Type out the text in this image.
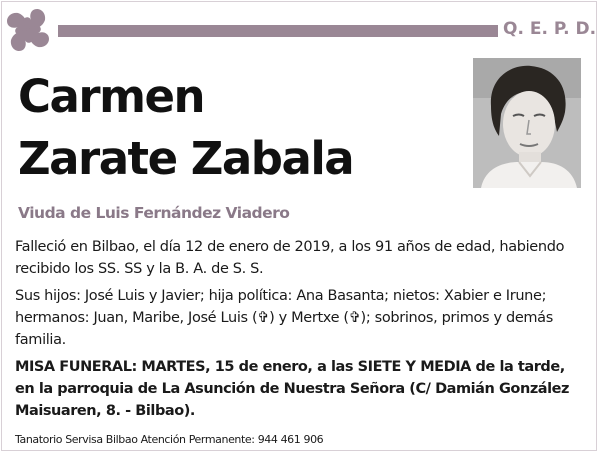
Q. E. P. D.
Carmen
Zarate Zabala
Viuda de Luis Fernández Viadero
Falleció en Bilbao, el día 12 de enero de 2019, a los 91 años de edad, habiendo recibido los SS. SS y la B. A. de S. S.
Sus hijos: José Luis y Javier; hija política: Ana Basanta; nietos: Xabier e Irune; hermanos: Juan, Maribe, José Luis (✞) y Mertxe (✞); sobrinos, primos y demás familia.
MISA FUNERAL: MARTES, 15 de enero, a las SIETE Y MEDIA de la tarde, en la parroquia de La Asunción de Nuestra Señora (C/ Damián González Maisuaren, 8. - Bilbao).
Tanatorio Servisa Bilbao Atención Permanente: 944 461 906
